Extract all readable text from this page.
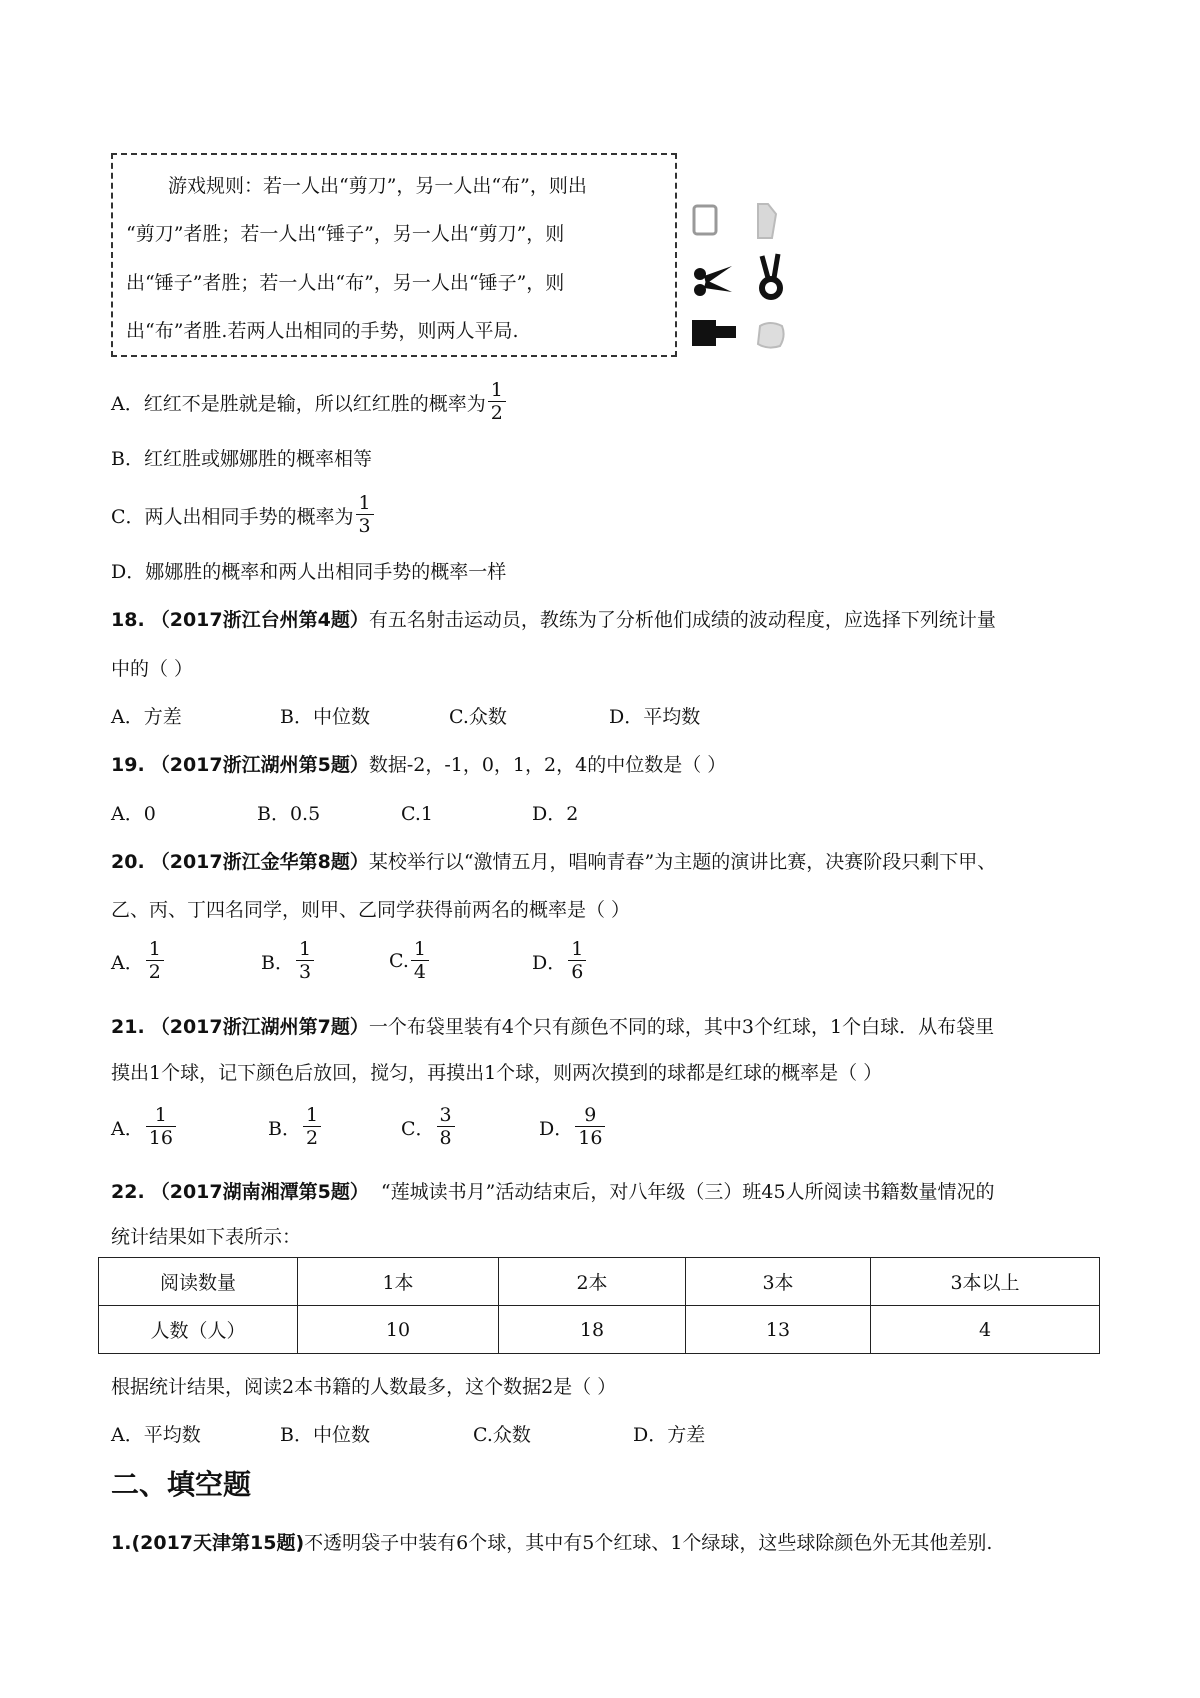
游戏规则：若一人出“剪刀”，另一人出“布”，则出
“剪刀”者胜；若一人出“锤子”，另一人出“剪刀”，则
出“锤子”者胜；若一人出“布”，另一人出“锤子”，则
出“布”者胜.若两人出相同的手势，则两人平局.
A．红红不是胜就是输，所以红红胜的概率为 $\frac{1}{2}$
B．红红胜或娜娜胜的概率相等
C．两人出相同手势的概率为 $\frac{1}{3}$
D．娜娜胜的概率和两人出相同手势的概率一样
18. （2017浙江台州第4题）有五名射击运动员，教练为了分析他们成绩的波动程度，应选择下列统计量
中的（ ）
A．方差	B．中位数	C.众数	D．平均数
19. （2017浙江湖州第5题）数据-2，-1，0，1，2，4的中位数是（ ）
A．0	B．0.5	C.1	D．2
20. （2017浙江金华第8题）某校举行以“激情五月，唱响青春”为主题的演讲比赛，决赛阶段只剩下甲、
乙、丙、丁四名同学，则甲、乙同学获得前两名的概率是（ ）
A． $\frac{1}{2}$	B． $\frac{1}{3}$	C. $\frac{1}{4}$	D． $\frac{1}{6}$
21. （2017浙江湖州第7题）一个布袋里装有4个只有颜色不同的球，其中3个红球，1个白球．从布袋里
摸出1个球，记下颜色后放回，搅匀，再摸出1个球，则两次摸到的球都是红球的概率是（ ）
A． $\frac{1}{16}$	B． $\frac{1}{2}$	C． $\frac{3}{8}$	D． $\frac{9}{16}$
22. （2017湖南湘潭第5题） “莲城读书月”活动结束后，对八年级（三）班45人所阅读书籍数量情况的
统计结果如下表所示：
阅读数量	1本	2本	3本	3本以上
人数（人）	10	18	13	4
根据统计结果，阅读2本书籍的人数最多，这个数据2是（ ）
A．平均数	B．中位数	C.众数	D．方差
二、填空题
1.(2017天津第15题)不透明袋子中装有6个球，其中有5个红球、1个绿球，这些球除颜色外无其他差别.
